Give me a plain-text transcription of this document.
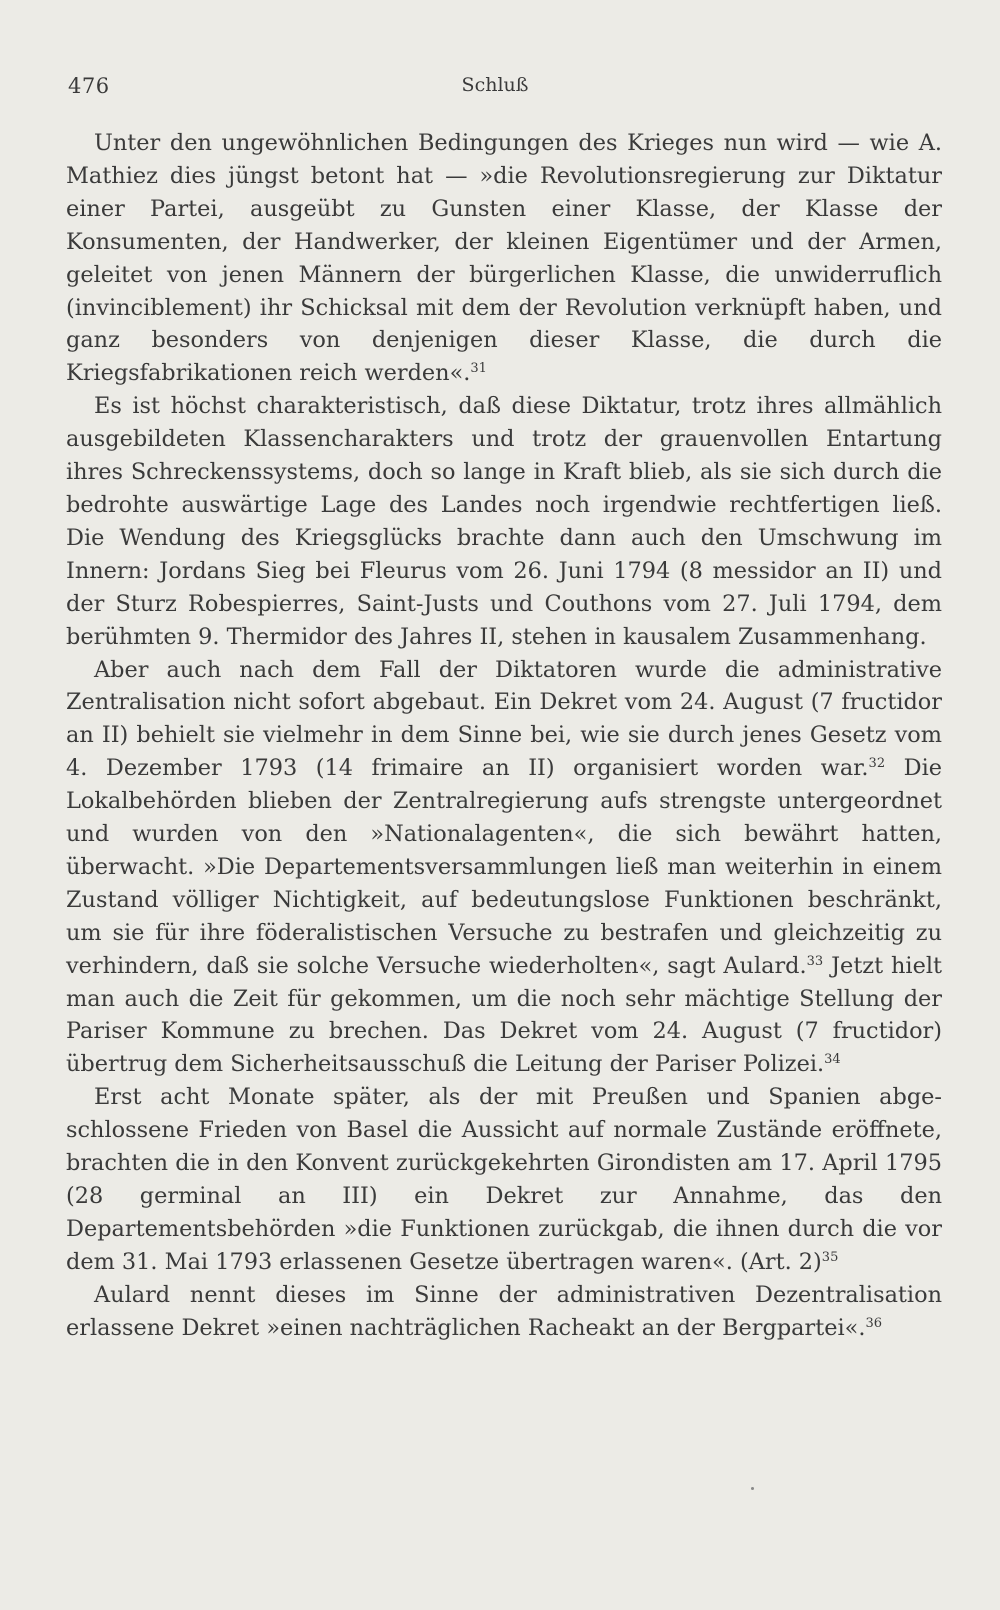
476	Schluß

Unter den ungewöhnlichen Bedingungen des Krieges nun wird — wie A. Mathiez dies jüngst betont hat — »die Revolutionsregierung zur Diktatur einer Partei, ausgeübt zu Gunsten einer Klasse, der Klasse der Konsumenten, der Handwerker, der kleinen Eigentümer und der Armen, geleitet von jenen Männern der bürgerlichen Klasse, die unwiderruflich (invinciblement) ihr Schicksal mit dem der Revolution verknüpft haben, und ganz besonders von denjenigen dieser Klasse, die durch die Kriegsfabrikationen reich werden«.$^{31}$

Es ist höchst charakteristisch, daß diese Diktatur, trotz ihres allmählich ausgebildeten Klassencharakters und trotz der grauenvollen Entartung ihres Schreckenssystems, doch so lange in Kraft blieb, als sie sich durch die bedrohte auswärtige Lage des Landes noch irgendwie rechtfertigen ließ. Die Wendung des Kriegsglücks brachte dann auch den Umschwung im Innern: Jordans Sieg bei Fleurus vom 26. Juni 1794 (8 messidor an II) und der Sturz Robespierres, Saint-Justs und Couthons vom 27. Juli 1794, dem berühmten 9. Thermidor des Jahres II, stehen in kausalem Zusammenhang.

Aber auch nach dem Fall der Diktatoren wurde die administrative Zentralisation nicht sofort abgebaut. Ein Dekret vom 24. August (7 fructidor an II) behielt sie vielmehr in dem Sinne bei, wie sie durch jenes Gesetz vom 4. Dezember 1793 (14 frimaire an II) organisiert worden war.$^{32}$ Die Lokalbehörden blieben der Zentralregierung aufs strengste untergeordnet und wurden von den »Nationalagenten«, die sich bewährt hatten, überwacht. »Die Departementsversammlungen ließ man weiterhin in einem Zustand völliger Nichtigkeit, auf bedeutungslose Funktionen beschränkt, um sie für ihre föderalistischen Versuche zu bestrafen und gleichzeitig zu verhindern, daß sie solche Versuche wiederholten«, sagt Aulard.$^{33}$ Jetzt hielt man auch die Zeit für gekommen, um die noch sehr mächtige Stellung der Pariser Kommune zu brechen. Das Dekret vom 24. August (7 fructidor) übertrug dem Sicherheitsausschuß die Leitung der Pariser Polizei.$^{34}$

Erst acht Monate später, als der mit Preußen und Spanien abgeschlossene Frieden von Basel die Aussicht auf normale Zustände eröffnete, brachten die in den Konvent zurückgekehrten Girondisten am 17. April 1795 (28 germinal an III) ein Dekret zur Annahme, das den Departementsbehörden »die Funktionen zurückgab, die ihnen durch die vor dem 31. Mai 1793 erlassenen Gesetze übertragen waren«. (Art. 2)$^{35}$

Aulard nennt dieses im Sinne der administrativen Dezentralisation erlassene Dekret »einen nachträglichen Racheakt an der Bergpartei«.$^{36}$
